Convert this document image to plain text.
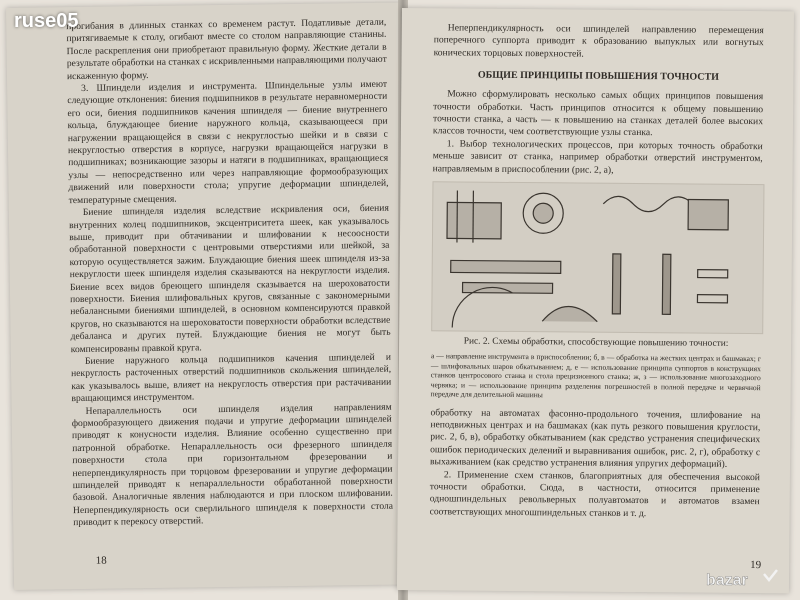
прогибания в длинных станках со временем растут. Податливые детали, притягиваемые к столу, огибают вместе со столом направляющие станины. После раскрепления они приобретают правильную форму. Жесткие детали в результате обработки на станках с искривленными направляющими получают искаженную форму.

3. Шпиндели изделия и инструмента. Шпиндельные узлы имеют следующие отклонения: биения подшипников в результате неравномерности его оси, биения подшипников качения шпинделя — биение внутреннего кольца, блуждающее биение наружного кольца, сказывающееся при нагружении вращающейся в связи с некруглостью шейки и в связи с некруглостью отверстия в корпусе, нагрузки вращающейся нагрузки в подшипниках; возникающие зазоры и натяги в подшипниках, вращающиеся узлы — непосредственно или через направляющие формообразующих движений или поверхности стола; упругие деформации шпинделей, температурные смещения.

Биение шпинделя изделия вследствие искривления оси, биения внутренних колец подшипников, эксцентриситета шеек, как указывалось выше, приводит при обтачивании и шлифовании к несоосности обработанной поверхности с центровыми отверстиями или шейкой, за которую осуществляется зажим. Блуждающие биения шеек шпинделя из-за некруглости шеек шпинделя изделия сказываются на некруглости изделия. Биение всех видов бреющего шпинделя сказывается на шероховатости поверхности. Биения шлифовальных кругов, связанные с закономерными небалансными биениями шпинделей, в основном компенсируются правкой кругов, но сказываются на шероховатости поверхности обработки вследствие дебаланса и других путей. Блуждающие биения не могут быть компенсированы правкой круга.

Биение наружного кольца подшипников качения шпинделей и некруглость расточенных отверстий подшипников скольжения шпинделей, как указывалось выше, влияет на некруглость отверстия при растачивании вращающимся инструментом.

Непараллельность оси шпинделя изделия направлениям формообразующего движения подачи и упругие деформации шпинделей приводят к конусности изделия. Влияние особенно существенно при патронной обработке. Непараллельность оси фрезерного шпинделя поверхности стола при горизонтальном фрезеровании и неперпендикулярность при торцовом фрезеровании и упругие деформации шпинделей приводят к непараллельности обработанной поверхности базовой. Аналогичные явления наблюдаются и при плоском шлифовании. Неперпендикулярность оси сверлильного шпинделя к поверхности стола приводит к перекосу отверстий.

18

Неперпендикулярность оси шпинделей направлению перемещения поперечного суппорта приводит к образованию выпуклых или вогнутых конических торцовых поверхностей.

ОБЩИЕ ПРИНЦИПЫ ПОВЫШЕНИЯ ТОЧНОСТИ

Можно сформулировать несколько самых общих принципов повышения точности обработки. Часть принципов относится к общему повышению точности станка, а часть — к повышению на станках деталей более высоких классов точности, чем соответствующие узлы станка.

1. Выбор технологических процессов, при которых точность обработки меньше зависит от станка, например обработки отверстий инструментом, направляемым в приспособлении (рис. 2, а),

Рис. 2. Схемы обработки, способствующие повышению точности:
а — направление инструмента в приспособлении; б, в — обработка на жестких центрах и башмаках; г — шлифовальных шаров обкатыванием; д, е — использование принципа суппортов в конструкциях станков центросового станка и стола прецизионного станка; ж, з — использование многозаходного червяка; и — использование принципа разделения погрешностей в полной передаче и червячной передаче для делительной машины

обработку на автоматах фасонно-продольного точения, шлифование на неподвижных центрах и на башмаках (как путь резкого повышения круглости, рис. 2, б, в), обработку обкатыванием (как средство устранения специфических ошибок периодических делений и выравнивания ошибок, рис. 2, г), обработку с выхаживанием (как средство устранения влияния упругих деформаций).

2. Применение схем станков, благоприятных для обеспечения высокой точности обработки. Сюда, в частности, относится применение одношпиндельных револьверных полуавтоматов и автоматов взамен соответствующих многошпиндельных станков и т. д.

19
ruse05
bazar
